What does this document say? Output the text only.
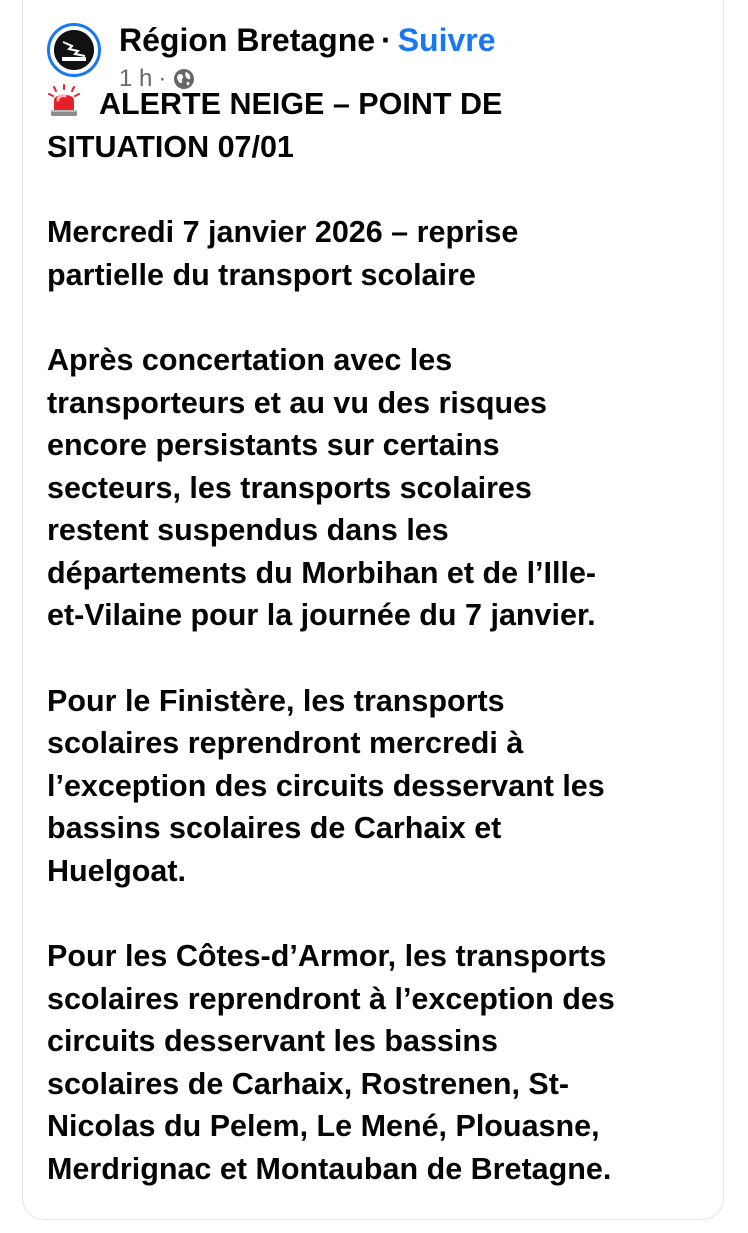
Région Bretagne · Suivre
1 h ·

ALERTE NEIGE – POINT DE
SITUATION 07/01

Mercredi 7 janvier 2026 – reprise
partielle du transport scolaire

Après concertation avec les
transporteurs et au vu des risques
encore persistants sur certains
secteurs, les transports scolaires
restent suspendus dans les
départements du Morbihan et de l’Ille-
et-Vilaine pour la journée du 7 janvier.

Pour le Finistère, les transports
scolaires reprendront mercredi à
l’exception des circuits desservant les
bassins scolaires de Carhaix et
Huelgoat.

Pour les Côtes-d’Armor, les transports
scolaires reprendront à l’exception des
circuits desservant les bassins
scolaires de Carhaix, Rostrenen, St-
Nicolas du Pelem, Le Mené, Plouasne,
Merdrignac et Montauban de Bretagne.
